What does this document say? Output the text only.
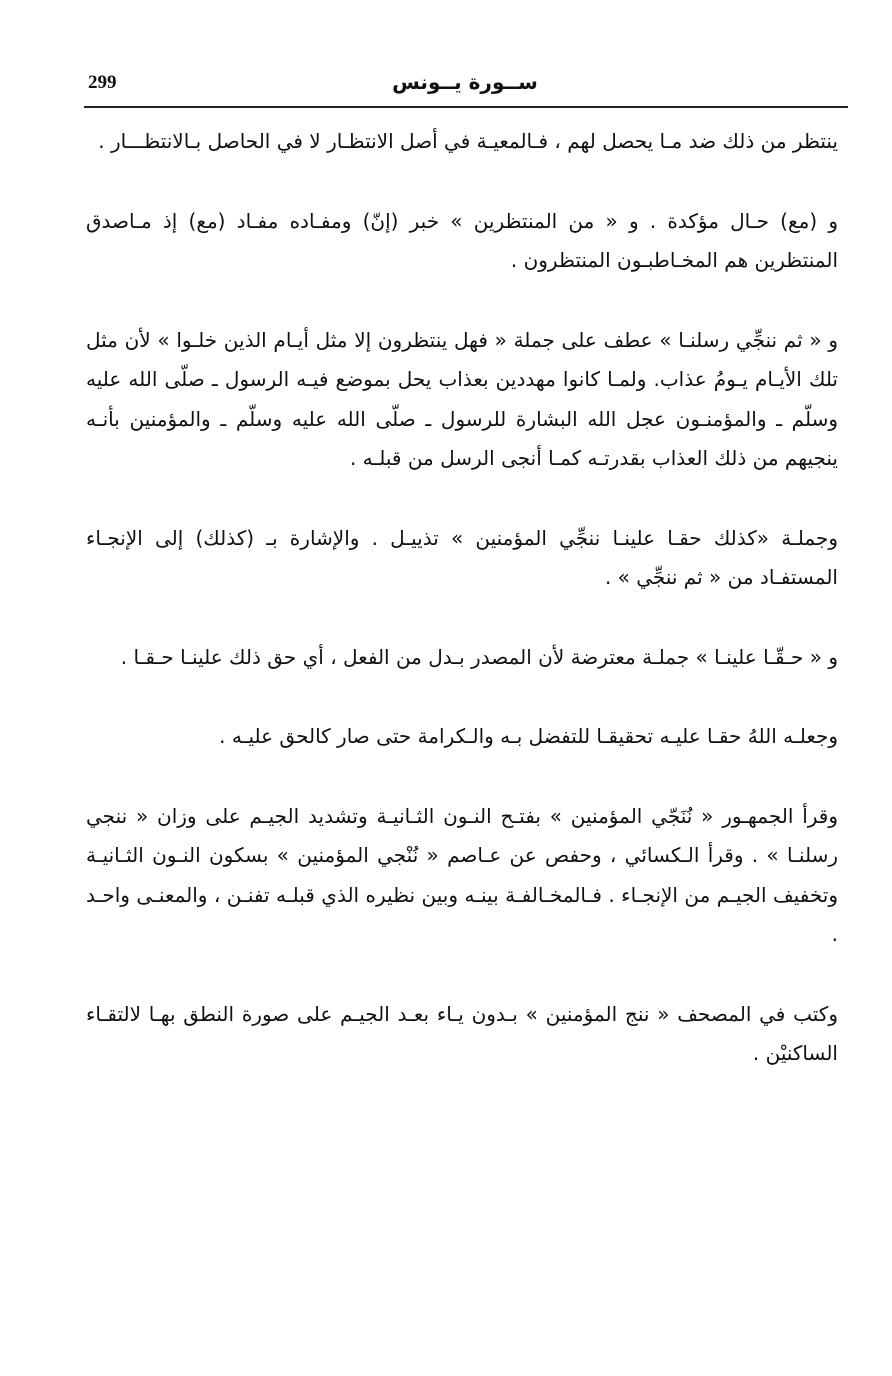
299	ســورة يــونس

ينتظر من ذلك ضد مـا يحصل لهم ، فـالمعيـة في أصل الانتظـار لا في الحاصل بـالانتظـــار .

و (مع) حـال مؤكدة . و « من المنتظرين » خبر (إنّ) ومفـاده مفـاد (مع) إذ مـاصدق المنتظرين هم المخـاطبـون المنتظرون .

و « ثم ننجِّي رسلنـا » عطف على جملة « فهل ينتظرون إلا مثل أيـام الذين خلـوا » لأن مثل تلك الأيـام يـومُ عذاب. ولمـا كانوا مهددين بعذاب يحل بموضع فيـه الرسول ـ صلّى الله عليه وسلّم ـ والمؤمنـون عجل الله البشارة للرسول ـ صلّى الله عليه وسلّم ـ والمؤمنين بأنـه ينجيهم من ذلك العذاب بقدرتـه كمـا أنجى الرسل من قبلـه .

وجملـة «كذلك حقـا علينـا ننجِّي المؤمنين » تذييـل . والإشارة بـ (كذلك) إلى الإنجـاء المستفـاد من « ثم ننجِّي » .

و « حـقّـا علينـا » جملـة معترضة لأن المصدر بـدل من الفعل ، أي حق ذلك علينـا حـقـا .

وجعلـه اللهُ حقـا عليـه تحقيقـا للتفضل بـه والـكرامة حتى صار كالحق عليـه .

وقرأ الجمهـور « نُنَجّي المؤمنين » بفتـح النـون الثـانيـة وتشديد الجيـم على وزان « ننجي رسلنـا » . وقرأ الـكسائي ، وحفص عن عـاصم « نُنْجي المؤمنين » بسكون النـون الثـانيـة وتخفيف الجيـم من الإنجـاء . فـالمخـالفـة بينـه وبين نظيره الذي قبلـه تفنـن ، والمعنـى واحـد .

وكتب في المصحف « ننج المؤمنين » بـدون يـاء بعـد الجيـم على صورة النطق بهـا لالتقـاء الساكنيْن .
